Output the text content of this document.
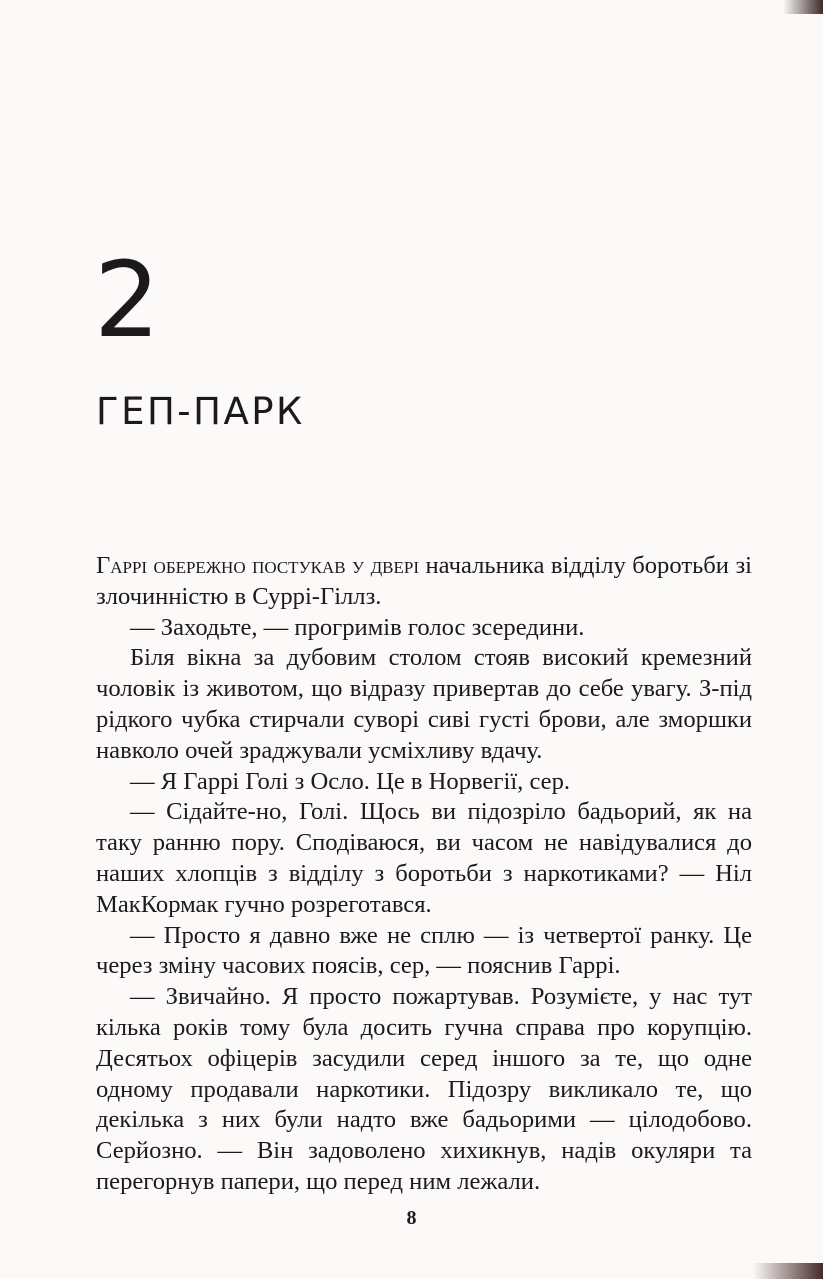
2
ГЕП-ПАРК

Гаррі обережно постукав у двері начальника відділу боротьби зі злочинністю в Суррі-Гіллз.

— Заходьте, — прогримів голос зсередини.

Біля вікна за дубовим столом стояв високий кремезний чоловік із животом, що відразу привертав до себе увагу. З-під рідкого чубка стирчали суворі сиві густі брови, але зморшки навколо очей зраджували усміхливу вдачу.

— Я Гаррі Голі з Осло. Це в Норвегії, сер.

— Сідайте-но, Голі. Щось ви підозріло бадьорий, як на таку ранню пору. Сподіваюся, ви часом не навідувалися до наших хлопців з відділу з боротьби з наркотиками? — Ніл МакКормак гучно розреготався.

— Просто я давно вже не сплю — із четвертої ранку. Це через зміну часових поясів, сер, — пояснив Гаррі.

— Звичайно. Я просто пожартував. Розумієте, у нас тут кілька років тому була досить гучна справа про корупцію. Десятьох офіцерів засудили серед іншого за те, що одне одному продавали наркотики. Підозру викликало те, що декілька з них були надто вже бадьорими — цілодобово. Серйозно. — Він задоволено хихикнув, надів окуляри та перегорнув папери, що перед ним лежали.

8
